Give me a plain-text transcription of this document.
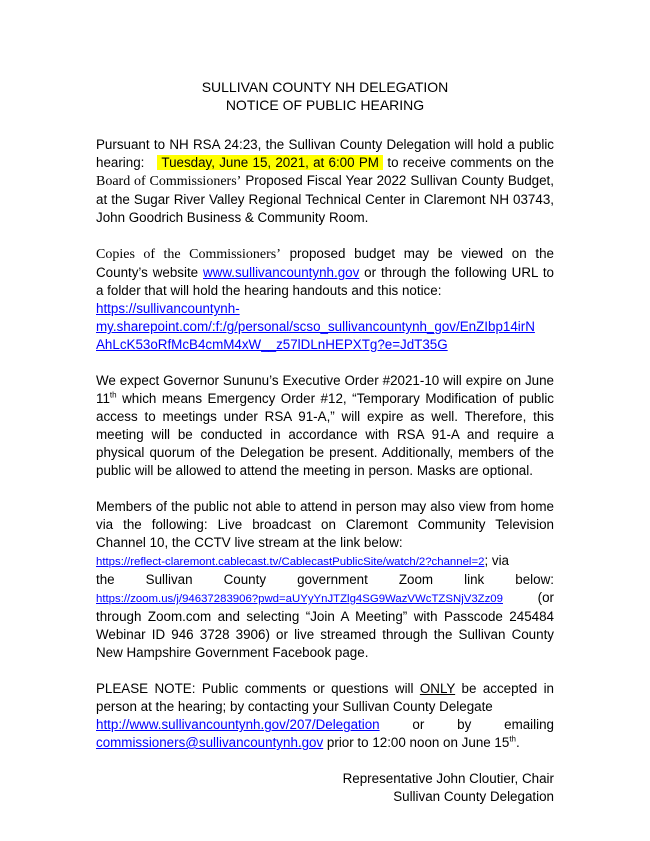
SULLIVAN COUNTY NH DELEGATION
NOTICE OF PUBLIC HEARING

Pursuant to NH RSA 24:23, the Sullivan County Delegation will hold a public hearing: Tuesday, June 15, 2021, at 6:00 PM  to receive comments on the Board of Commissioners’ Proposed Fiscal Year 2022 Sullivan County Budget, at the Sugar River Valley Regional Technical Center in Claremont NH 03743, John Goodrich Business & Community Room.

Copies of the Commissioners’ proposed budget may be viewed on the County’s website www.sullivancountynh.gov or through the following URL to a folder that will hold the hearing handouts and this notice:

https://sullivancountynh-
my.sharepoint.com/:f:/g/personal/scso_sullivancountynh_gov/EnZIbp14irN
AhLcK53oRfMcB4cmM4xW__z57lDLnHEPXTg?e=JdT35G

We expect Governor Sununu’s Executive Order #2021-10 will expire on June 11th which means Emergency Order #12, “Temporary Modification of public access to meetings under RSA 91-A,” will expire as well. Therefore, this meeting will be conducted in accordance with RSA 91-A and require a physical quorum of the Delegation be present. Additionally, members of the public will be allowed to attend the meeting in person. Masks are optional.

Members of the public not able to attend in person may also view from home via the following: Live broadcast on Claremont Community Television Channel 10, the CCTV live stream at the link below:

https://reflect-claremont.cablecast.tv/CablecastPublicSite/watch/2?channel=2; via

the Sullivan County government Zoom link below:

https://zoom.us/j/94637283906?pwd=aUYyYnJTZlg4SG9WazVWcTZSNjV3Zz09 (or through Zoom.com and selecting “Join A Meeting” with Passcode 245484 Webinar ID 946 3728 3906) or live streamed through the Sullivan County New Hampshire Government Facebook page.

PLEASE NOTE: Public comments or questions will ONLY be accepted in person at the hearing; by contacting your Sullivan County Delegate

http://www.sullivancountynh.gov/207/Delegation or by emailing

commissioners@sullivancountynh.gov prior to 12:00 noon on June 15th.

Representative John Cloutier, Chair
Sullivan County Delegation
